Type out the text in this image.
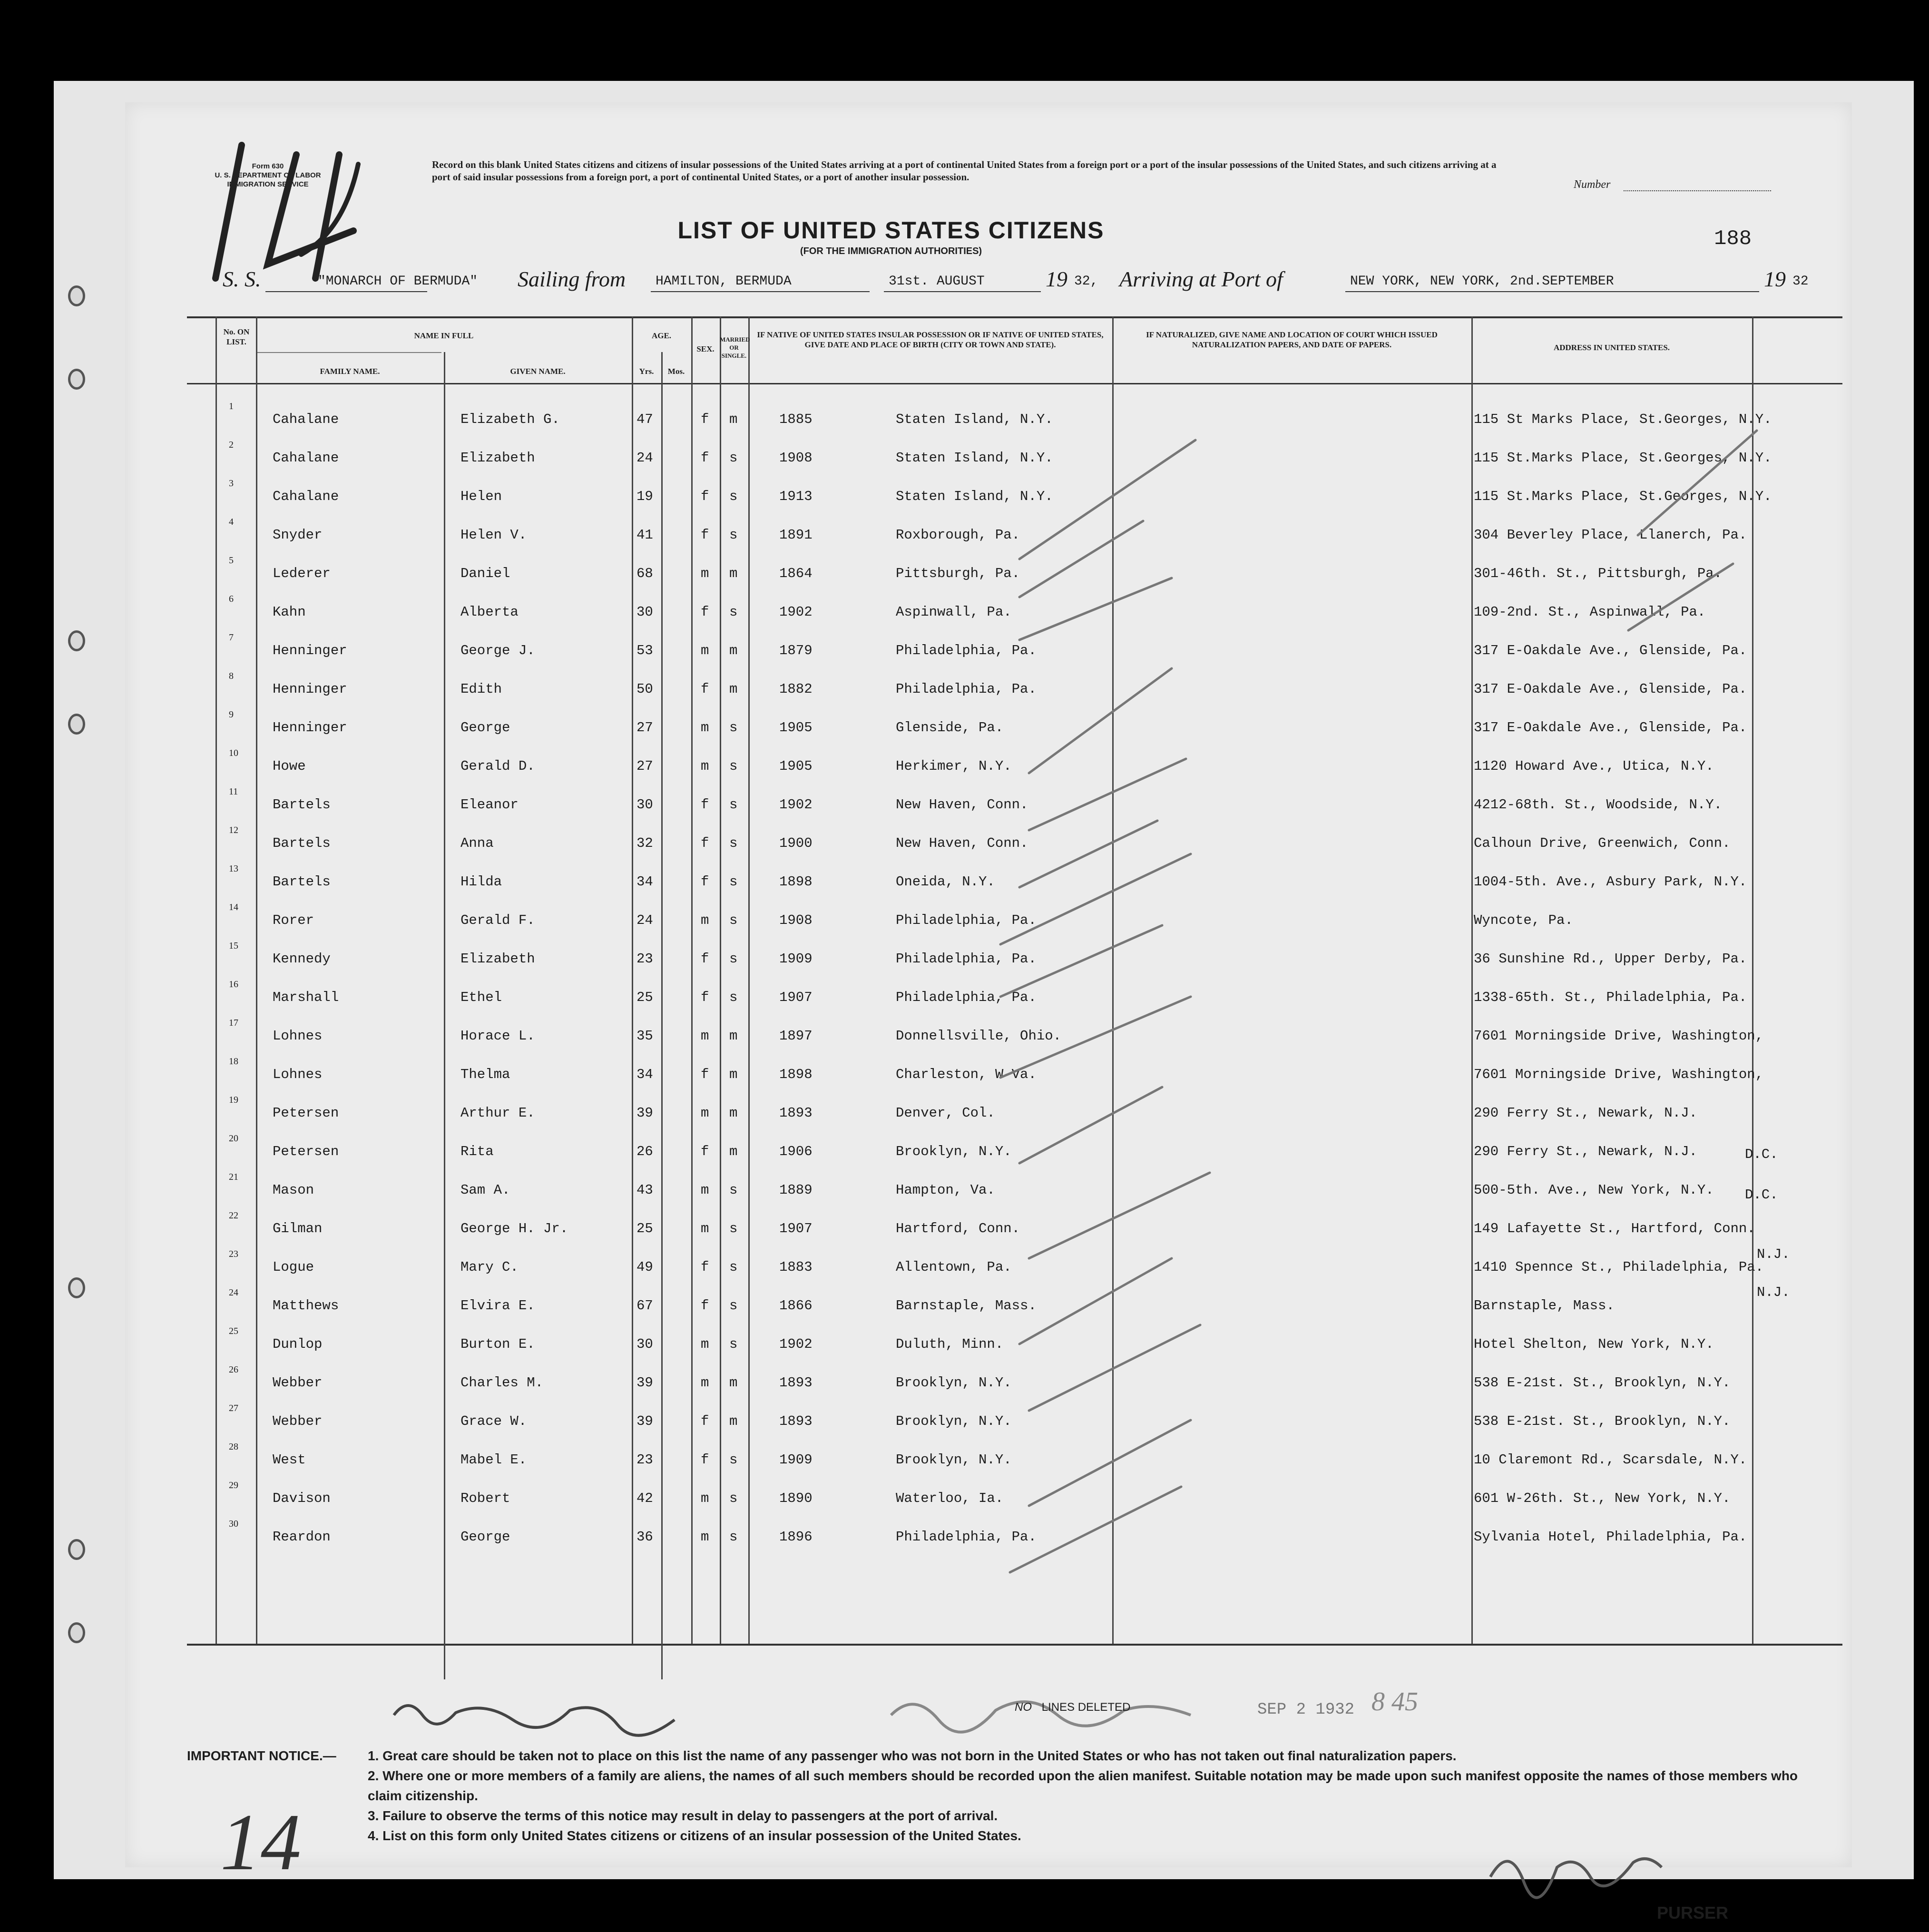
Form 630
U. S. DEPARTMENT OF LABOR
IMMIGRATION SERVICE
Record on this blank United States citizens and citizens of insular possessions of the United States arriving at a port of continental United States from a foreign port or a port of the insular possessions of the United States, and such citizens arriving at a port of said insular possessions from a foreign port, a port of continental United States, or a port of another insular possession.
Number
188
LIST OF UNITED STATES CITIZENS
(FOR THE IMMIGRATION AUTHORITIES)
S. S.	"MONARCH OF BERMUDA" Sailing from HAMILTON, BERMUDA	31st. AUGUST	19 32, Arriving at Port of	NEW YORK, NEW YORK, 2nd.SEPTEMBER	19 32
No. ON LIST.
NAME IN FULL
FAMILY NAME.	GIVEN NAME.
AGE.
Yrs.	Mos.
SEX.
MARRIED OR SINGLE.
IF NATIVE OF UNITED STATES INSULAR POSSESSION OR IF NATIVE OF UNITED STATES, GIVE DATE AND PLACE OF BIRTH (CITY OR TOWN AND STATE).
IF NATURALIZED, GIVE NAME AND LOCATION OF COURT WHICH ISSUED NATURALIZATION PAPERS, AND DATE OF PAPERS.	ADDRESS IN UNITED STATES.
1
Cahalane	Elizabeth G.	47	f m	1885	Staten Island, N.Y.	115 St Marks Place, St.Georges, N.Y.
2
Cahalane	Elizabeth	24	f s	1908	Staten Island, N.Y.	115 St.Marks Place, St.Georges, N.Y.
3
Cahalane	Helen	19	f s	1913	Staten Island, N.Y.	115 St.Marks Place, St.Georges, N.Y.
4
Snyder	Helen V.	41	f s	1891	Roxborough, Pa.	304 Beverley Place, Llanerch, Pa.
5
Lederer	Daniel	68	m m	1864	Pittsburgh, Pa.	301-46th. St., Pittsburgh, Pa.
6
Kahn	Alberta	30	f s	1902	Aspinwall, Pa.	109-2nd. St., Aspinwall, Pa.
7
Henninger	George J.	53	m m	1879	Philadelphia, Pa.	317 E-Oakdale Ave., Glenside, Pa.
8
Henninger	Edith	50	f m	1882	Philadelphia, Pa.	317 E-Oakdale Ave., Glenside, Pa.
9
Henninger	George	27	m s	1905	Glenside, Pa.	317 E-Oakdale Ave., Glenside, Pa.
10
Howe	Gerald D.	27	m s	1905	Herkimer, N.Y.	1120 Howard Ave., Utica, N.Y.
11
Bartels	Eleanor	30	f s	1902	New Haven, Conn.	4212-68th. St., Woodside, N.Y.
12
Bartels	Anna	32	f s	1900	New Haven, Conn.	Calhoun Drive, Greenwich, Conn.
13
Bartels	Hilda	34	f s	1898	Oneida, N.Y.	1004-5th. Ave., Asbury Park, N.Y.
14
Rorer	Gerald F.	24	m s	1908	Philadelphia, Pa.	Wyncote, Pa.
15
Kennedy	Elizabeth	23	f s	1909	Philadelphia, Pa.	36 Sunshine Rd., Upper Derby, Pa.
16
Marshall	Ethel	25	f s	1907	Philadelphia, Pa.	1338-65th. St., Philadelphia, Pa.
17
Lohnes	Horace L.	35	m m	1897	Donnellsville, Ohio.	7601 Morningside Drive, Washington,
18
Lohnes	Thelma	34	f m	1898	Charleston, W-Va.	7601 Morningside Drive, Washington,
19
Petersen	Arthur E.	39	m m	1893	Denver, Col.	290 Ferry St., Newark, N.J.
20
Petersen	Rita	26	f m	1906	Brooklyn, N.Y.	290 Ferry St., Newark, N.J.
21
Mason	Sam A.	43	m s	1889	Hampton, Va.	500-5th. Ave., New York, N.Y.
22
Gilman	George H. Jr.	25	m s	1907	Hartford, Conn.	149 Lafayette St., Hartford, Conn.
23
Logue	Mary C.	49	f s	1883	Allentown, Pa.	1410 Spennce St., Philadelphia, Pa.
24
Matthews	Elvira E.	67	f s	1866	Barnstaple, Mass.	Barnstaple, Mass.
25
Dunlop	Burton E.	30	m s	1902	Duluth, Minn.	Hotel Shelton, New York, N.Y.
26
Webber	Charles M.	39	m m	1893	Brooklyn, N.Y.	538 E-21st. St., Brooklyn, N.Y.
27
Webber	Grace W.	39	f m	1893	Brooklyn, N.Y.	538 E-21st. St., Brooklyn, N.Y.
28
West	Mabel E.	23	f s	1909	Brooklyn, N.Y.	10 Claremont Rd., Scarsdale, N.Y.
29
Davison	Robert	42	m s	1890	Waterloo, Ia.	601 W-26th. St., New York, N.Y.
30
Reardon	George	36	m s	1896	Philadelphia, Pa.	Sylvania Hotel, Philadelphia, Pa.
D.C.
D.C.
N.J.
N.J.
SEP 2 1932 8 45
NO LINES DELETED
IMPORTANT NOTICE.— 1. Great care should be taken not to place on this list the name of any passenger who was not born in the United States or who has not taken out final naturalization papers.
2. Where one or more members of a family are aliens, the names of all such members should be recorded upon the alien manifest. Suitable notation may be made upon such manifest opposite the names of those members who claim citizenship.
3. Failure to observe the terms of this notice may result in delay to passengers at the port of arrival.
4. List on this form only United States citizens or citizens of an insular possession of the United States.
14
PURSER
